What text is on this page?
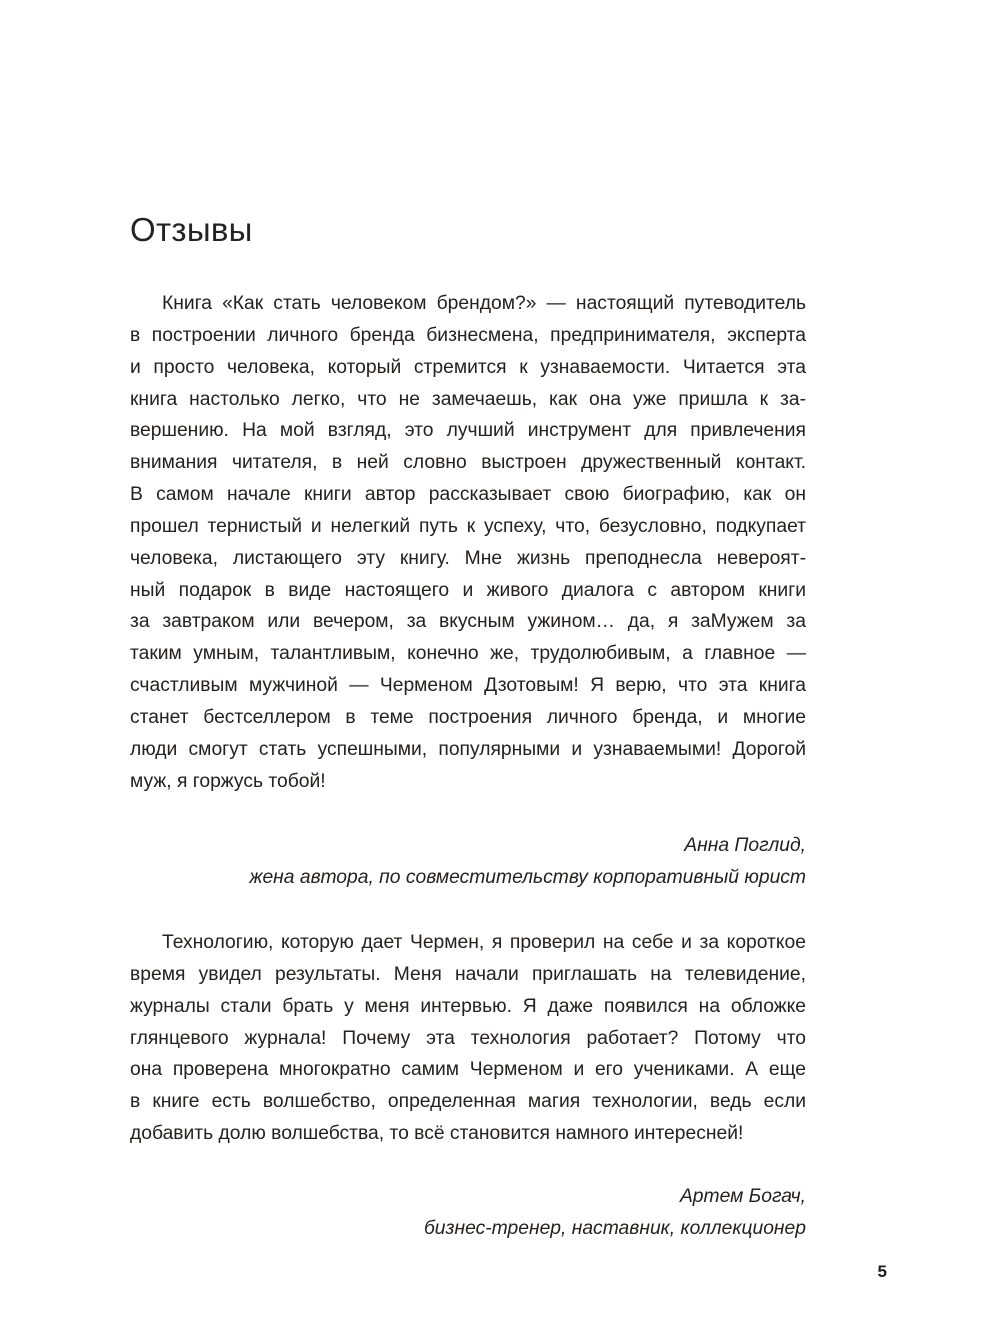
Отзывы

Книга «Как стать человеком брендом?» — настоящий путеводитель
в построении личного бренда бизнесмена, предпринимателя, эксперта
и просто человека, который стремится к узнаваемости. Читается эта
книга настолько легко, что не замечаешь, как она уже пришла к за-
вершению. На мой взгляд, это лучший инструмент для привлечения
внимания читателя, в ней словно выстроен дружественный контакт.
В самом начале книги автор рассказывает свою биографию, как он
прошел тернистый и нелегкий путь к успеху, что, безусловно, подкупает
человека, листающего эту книгу. Мне жизнь преподнесла невероят-
ный подарок в виде настоящего и живого диалога с автором книги
за завтраком или вечером, за вкусным ужином… да, я заМужем за
таким умным, талантливым, конечно же, трудолюбивым, а главное —
счастливым мужчиной — Черменом Дзотовым! Я верю, что эта книга
станет бестселлером в теме построения личного бренда, и многие
люди смогут стать успешными, популярными и узнаваемыми! Дорогой
муж, я горжусь тобой!

Анна Поглид,
жена автора, по совместительству корпоративный юрист

Технологию, которую дает Чермен, я проверил на себе и за короткое
время увидел результаты. Меня начали приглашать на телевидение,
журналы стали брать у меня интервью. Я даже появился на обложке
глянцевого журнала! Почему эта технология работает? Потому что
она проверена многократно самим Черменом и его учениками. А еще
в книге есть волшебство, определенная магия технологии, ведь если
добавить долю волшебства, то всё становится намного интересней!

Артем Богач,
бизнес-тренер, наставник, коллекционер

5
